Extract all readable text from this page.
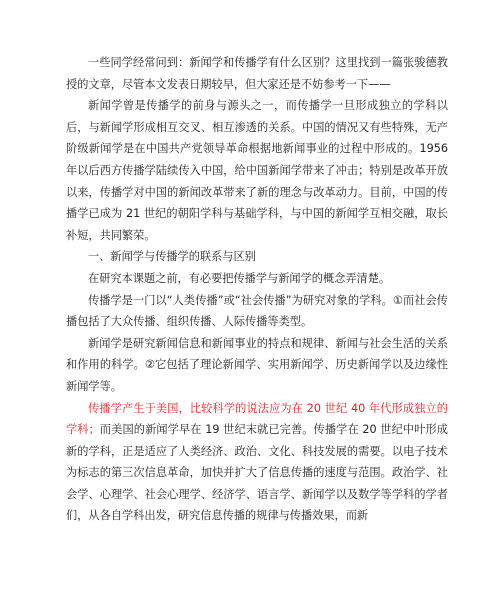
一些同学经常问到：新闻学和传播学有什么区别？这里找到一篇张骏德教授的文章，尽管本文发表日期较早，但大家还是不妨参考一下——

新闻学曾是传播学的前身与源头之一，而传播学一旦形成独立的学科以后，与新闻学形成相互交叉、相互渗透的关系。中国的情况又有些特殊，无产阶级新闻学是在中国共产党领导革命根据地新闻事业的过程中形成的。1956 年以后西方传播学陆续传入中国，给中国新闻学带来了冲击；特别是改革开放以来，传播学对中国的新闻改革带来了新的理念与改革动力。目前，中国的传播学已成为 21 世纪的朝阳学科与基础学科，与中国的新闻学互相交融，取长补短，共同繁荣。

一、新闻学与传播学的联系与区别

在研究本课题之前，有必要把传播学与新闻学的概念弄清楚。

传播学是一门以“人类传播”或“社会传播”为研究对象的学科。①而社会传播包括了大众传播、组织传播、人际传播等类型。

新闻学是研究新闻信息和新闻事业的特点和规律、新闻与社会生活的关系和作用的科学。②它包括了理论新闻学、实用新闻学、历史新闻学以及边缘性新闻学等。

传播学产生于美国，比较科学的说法应为在 20 世纪 40 年代形成独立的学科；而美国的新闻学早在 19 世纪末就已完善。传播学在 20 世纪中叶形成新的学科，正是适应了人类经济、政治、文化、科技发展的需要。以电子技术为标志的第三次信息革命，加快并扩大了信息传播的速度与范围。政治学、社会学、心理学、社会心理学、经济学、语言学、新闻学以及数学等学科的学者们，从各自学科出发，研究信息传播的规律与传播效果，而新
